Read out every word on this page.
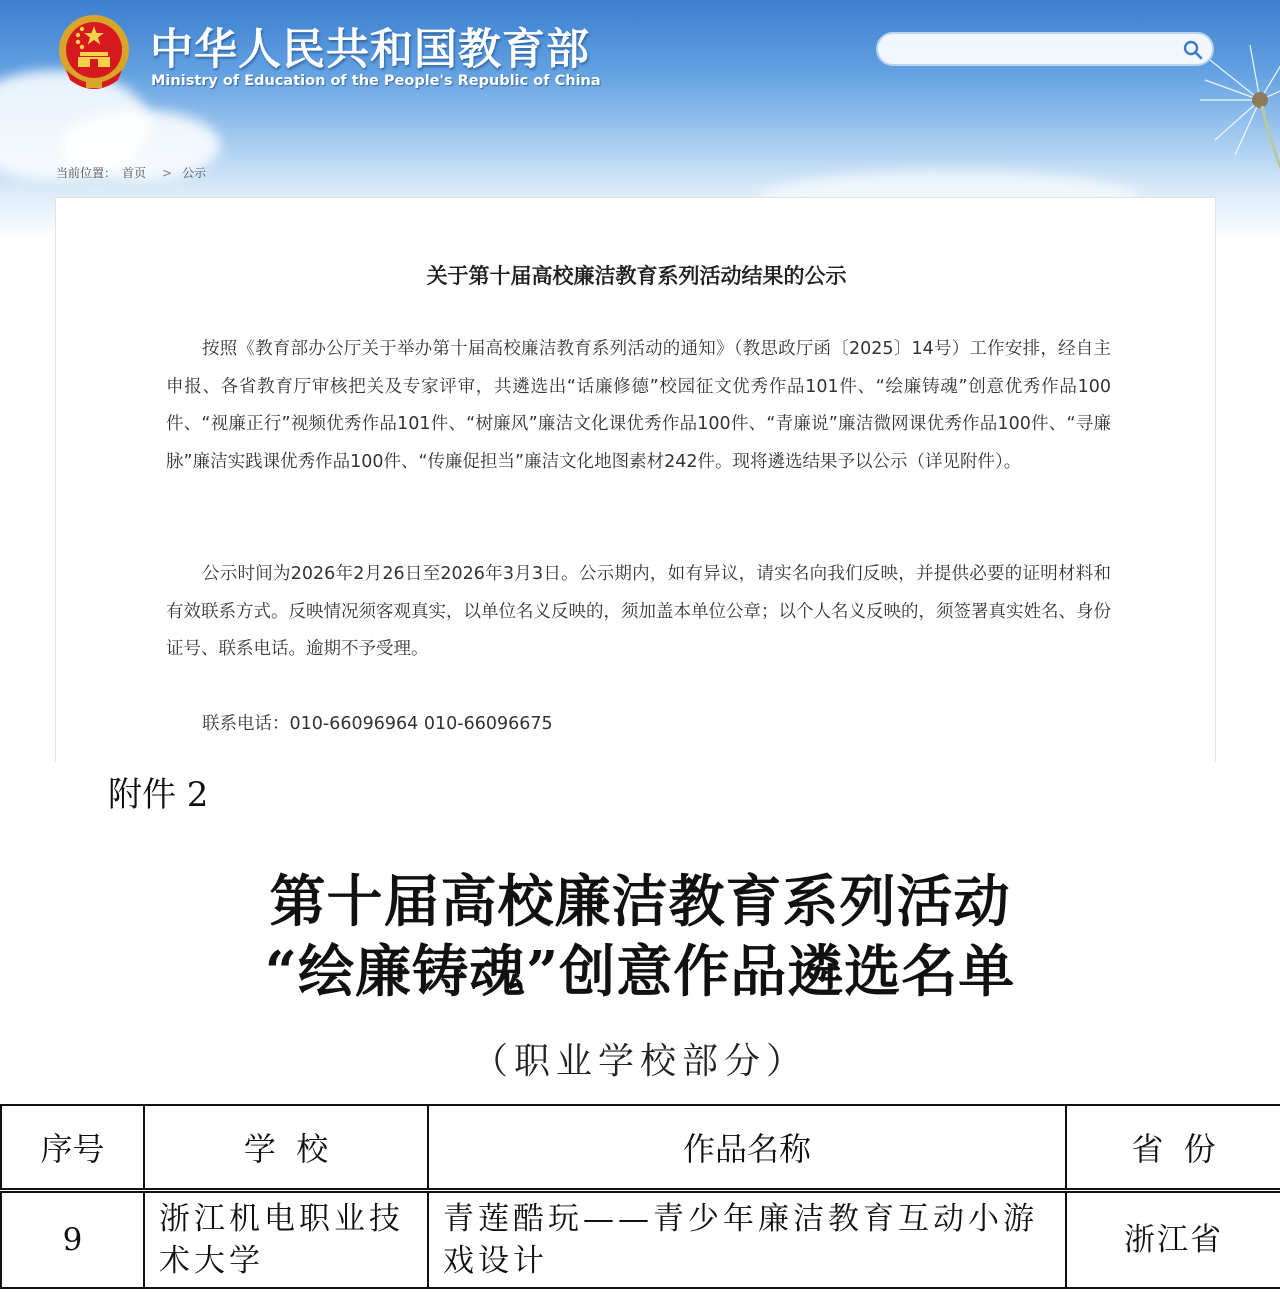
中华人民共和国教育部
Ministry of Education of the People's Republic of China
当前位置： 首页 > 公示
关于第十届高校廉洁教育系列活动结果的公示

按照《教育部办公厅关于举办第十届高校廉洁教育系列活动的通知》（教思政厅函〔2025〕14号）工作安排，经自主申报、各省教育厅审核把关及专家评审，共遴选出“话廉修德”校园征文优秀作品101件、“绘廉铸魂”创意优秀作品100件、“视廉正行”视频优秀作品101件、“树廉风”廉洁文化课优秀作品100件、“青廉说”廉洁微网课优秀作品100件、“寻廉脉”廉洁实践课优秀作品100件、“传廉促担当”廉洁文化地图素材242件。现将遴选结果予以公示（详见附件）。

公示时间为2026年2月26日至2026年3月3日。公示期内，如有异议，请实名向我们反映，并提供必要的证明材料和有效联系方式。反映情况须客观真实，以单位名义反映的，须加盖本单位公章；以个人名义反映的，须签署真实姓名、身份证号、联系电话。逾期不予受理。

联系电话：010-66096964 010-66096675

附件 2
第十届高校廉洁教育系列活动
“绘廉铸魂”创意作品遴选名单
（职业学校部分）
序号	学  校	作品名称	省  份
9	浙江机电职业技术大学	青莲酷玩——青少年廉洁教育互动小游戏设计	浙江省
